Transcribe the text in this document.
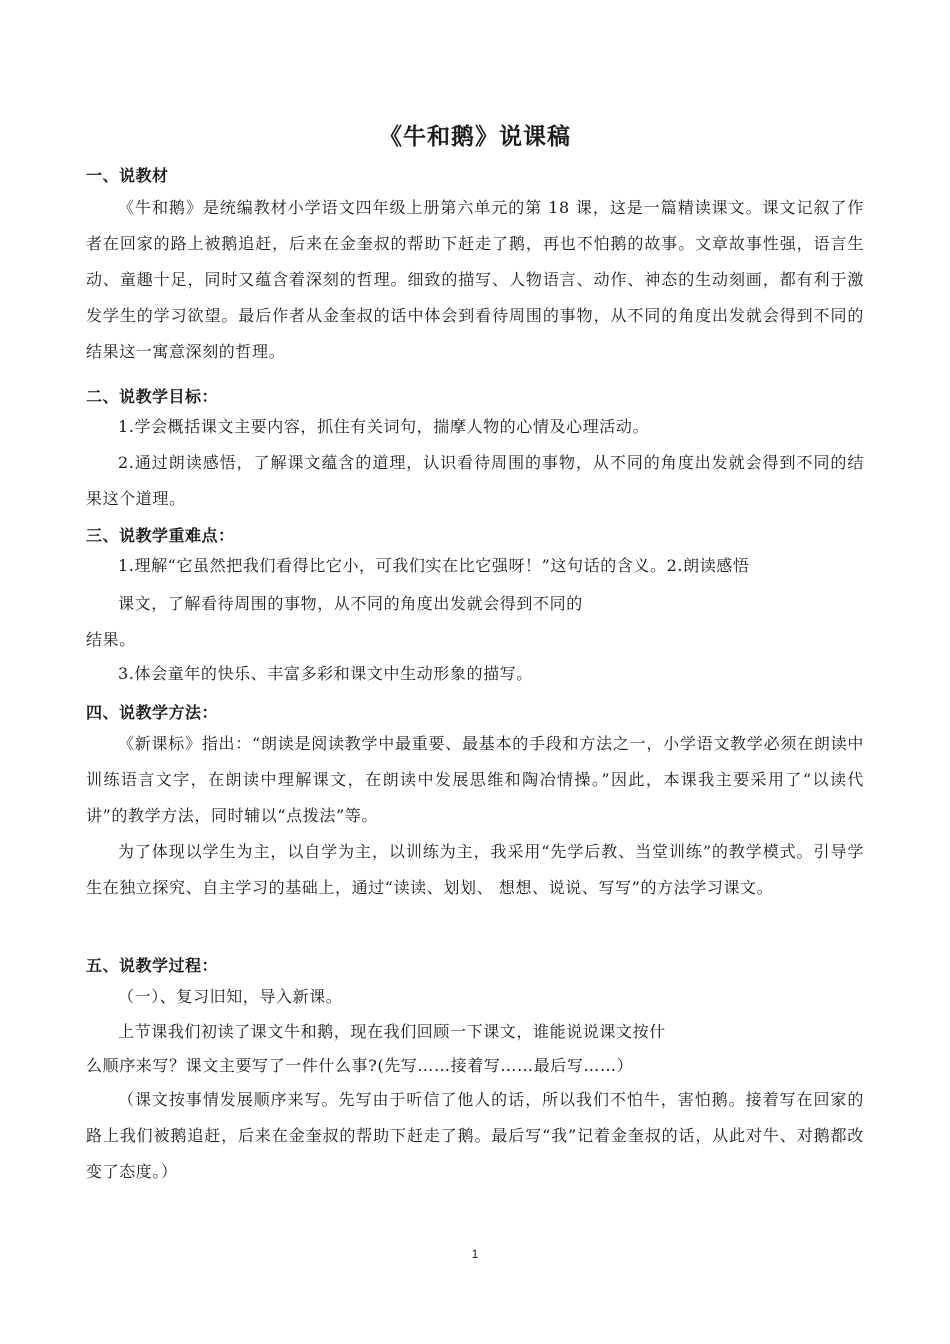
《牛和鹅》说课稿
一、说教材
《牛和鹅》是统编教材小学语文四年级上册第六单元的第 18 课，这是一篇精读课文。课文记叙了作者在回家的路上被鹅追赶，后来在金奎叔的帮助下赶走了鹅，再也不怕鹅的故事。文章故事性强，语言生动、童趣十足，同时又蕴含着深刻的哲理。细致的描写、人物语言、动作、神态的生动刻画，都有利于激发学生的学习欲望。最后作者从金奎叔的话中体会到看待周围的事物，从不同的角度出发就会得到不同的结果这一寓意深刻的哲理。
二、说教学目标：
1.学会概括课文主要内容，抓住有关词句，揣摩人物的心情及心理活动。
2.通过朗读感悟，了解课文蕴含的道理，认识看待周围的事物，从不同的角度出发就会得到不同的结果这个道理。
三、说教学重难点：
1.理解“它虽然把我们看得比它小，可我们实在比它强呀！”这句话的含义。2.朗读感悟
课文，了解看待周围的事物，从不同的角度出发就会得到不同的
结果。
3.体会童年的快乐、丰富多彩和课文中生动形象的描写。
四、说教学方法：
《新课标》指出：“朗读是阅读教学中最重要、最基本的手段和方法之一，小学语文教学必须在朗读中训练语言文字，在朗读中理解课文，在朗读中发展思维和陶冶情操。”因此，本课我主要采用了“以读代讲”的教学方法，同时辅以“点拨法”等。
为了体现以学生为主，以自学为主，以训练为主，我采用“先学后教、当堂训练”的教学模式。引导学生在独立探究、自主学习的基础上，通过“读读、划划、 想想、说说、写写”的方法学习课文。
五、说教学过程：
（一）、复习旧知，导入新课。
上节课我们初读了课文牛和鹅，现在我们回顾一下课文，谁能说说课文按什
么顺序来写？课文主要写了一件什么事?(先写……接着写……最后写……）
（课文按事情发展顺序来写。先写由于听信了他人的话，所以我们不怕牛，害怕鹅。接着写在回家的路上我们被鹅追赶，后来在金奎叔的帮助下赶走了鹅。最后写“我”记着金奎叔的话，从此对牛、对鹅都改变了态度。）
1
